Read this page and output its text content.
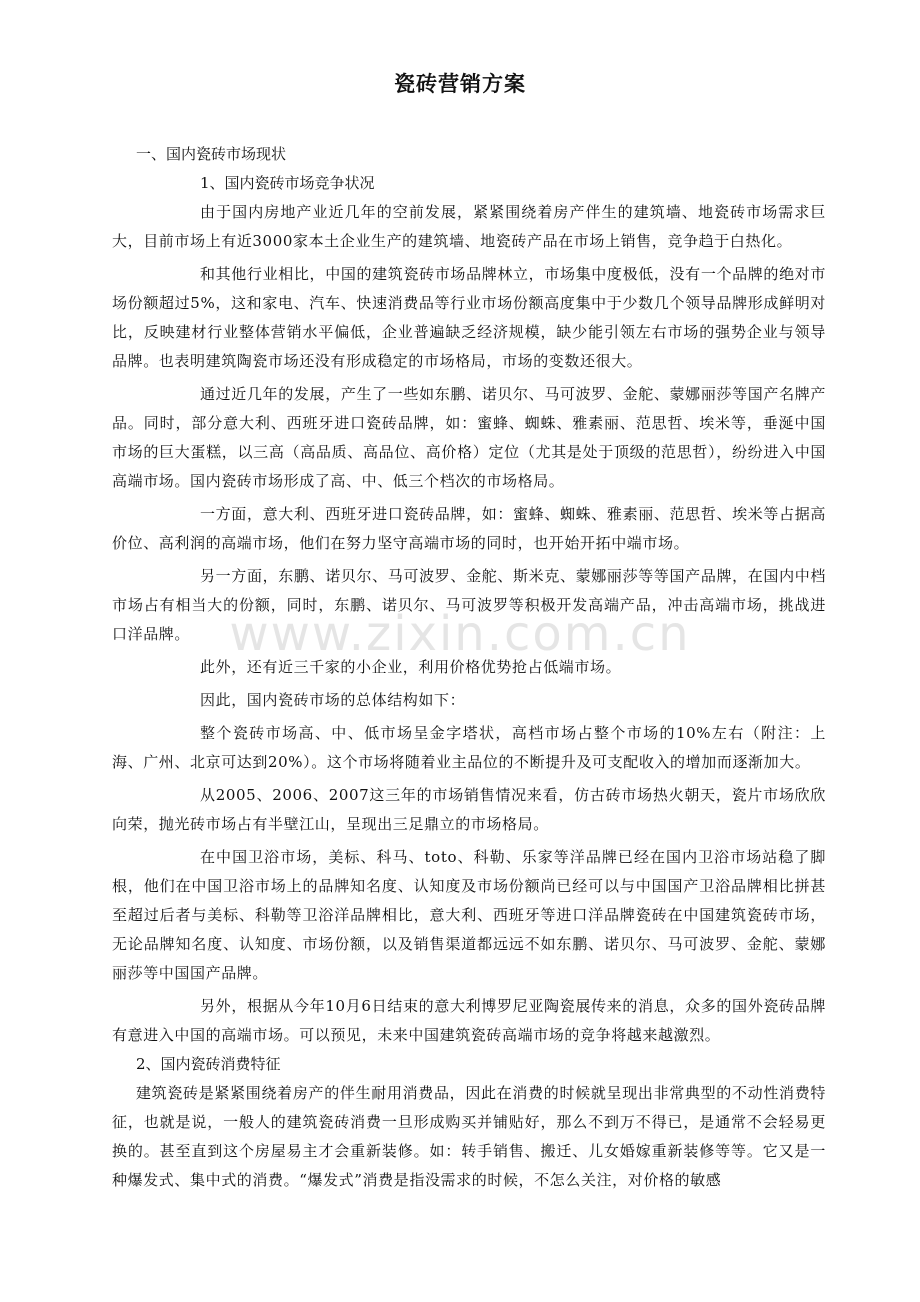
瓷砖营销方案

一、国内瓷砖市场现状

1、国内瓷砖市场竞争状况

由于国内房地产业近几年的空前发展，紧紧围绕着房产伴生的建筑墙、地瓷砖市场需求巨大，目前市场上有近3000家本土企业生产的建筑墙、地瓷砖产品在市场上销售，竞争趋于白热化。

和其他行业相比，中国的建筑瓷砖市场品牌林立，市场集中度极低，没有一个品牌的绝对市场份额超过5%，这和家电、汽车、快速消费品等行业市场份额高度集中于少数几个领导品牌形成鲜明对比，反映建材行业整体营销水平偏低，企业普遍缺乏经济规模，缺少能引领左右市场的强势企业与领导品牌。也表明建筑陶瓷市场还没有形成稳定的市场格局，市场的变数还很大。

通过近几年的发展，产生了一些如东鹏、诺贝尔、马可波罗、金舵、蒙娜丽莎等国产名牌产品。同时，部分意大利、西班牙进口瓷砖品牌，如：蜜蜂、蜘蛛、雅素丽、范思哲、埃米等，垂涎中国市场的巨大蛋糕，以三高（高品质、高品位、高价格）定位（尤其是处于顶级的范思哲），纷纷进入中国高端市场。国内瓷砖市场形成了高、中、低三个档次的市场格局。

一方面，意大利、西班牙进口瓷砖品牌，如：蜜蜂、蜘蛛、雅素丽、范思哲、埃米等占据高价位、高利润的高端市场，他们在努力坚守高端市场的同时，也开始开拓中端市场。

另一方面，东鹏、诺贝尔、马可波罗、金舵、斯米克、蒙娜丽莎等等国产品牌，在国内中档市场占有相当大的份额，同时，东鹏、诺贝尔、马可波罗等积极开发高端产品，冲击高端市场，挑战进口洋品牌。

此外，还有近三千家的小企业，利用价格优势抢占低端市场。

因此，国内瓷砖市场的总体结构如下：

整个瓷砖市场高、中、低市场呈金字塔状，高档市场占整个市场的10%左右（附注：上海、广州、北京可达到20%）。这个市场将随着业主品位的不断提升及可支配收入的增加而逐渐加大。

从2005、2006、2007这三年的市场销售情况来看，仿古砖市场热火朝天，瓷片市场欣欣向荣，抛光砖市场占有半壁江山，呈现出三足鼎立的市场格局。

在中国卫浴市场，美标、科马、toto、科勒、乐家等洋品牌已经在国内卫浴市场站稳了脚根，他们在中国卫浴市场上的品牌知名度、认知度及市场份额尚已经可以与中国国产卫浴品牌相比拼甚至超过后者与美标、科勒等卫浴洋品牌相比，意大利、西班牙等进口洋品牌瓷砖在中国建筑瓷砖市场，无论品牌知名度、认知度、市场份额，以及销售渠道都远远不如东鹏、诺贝尔、马可波罗、金舵、蒙娜丽莎等中国国产品牌。

另外，根据从今年10月6日结束的意大利博罗尼亚陶瓷展传来的消息，众多的国外瓷砖品牌有意进入中国的高端市场。可以预见，未来中国建筑瓷砖高端市场的竞争将越来越激烈。

2、国内瓷砖消费特征

建筑瓷砖是紧紧围绕着房产的伴生耐用消费品，因此在消费的时候就呈现出非常典型的不动性消费特征，也就是说，一般人的建筑瓷砖消费一旦形成购买并铺贴好，那么不到万不得已，是通常不会轻易更换的。甚至直到这个房屋易主才会重新装修。如：转手销售、搬迁、儿女婚嫁重新装修等等。它又是一种爆发式、集中式的消费。“爆发式”消费是指没需求的时候，不怎么关注，对价格的敏感

www.zixin.com.cn
